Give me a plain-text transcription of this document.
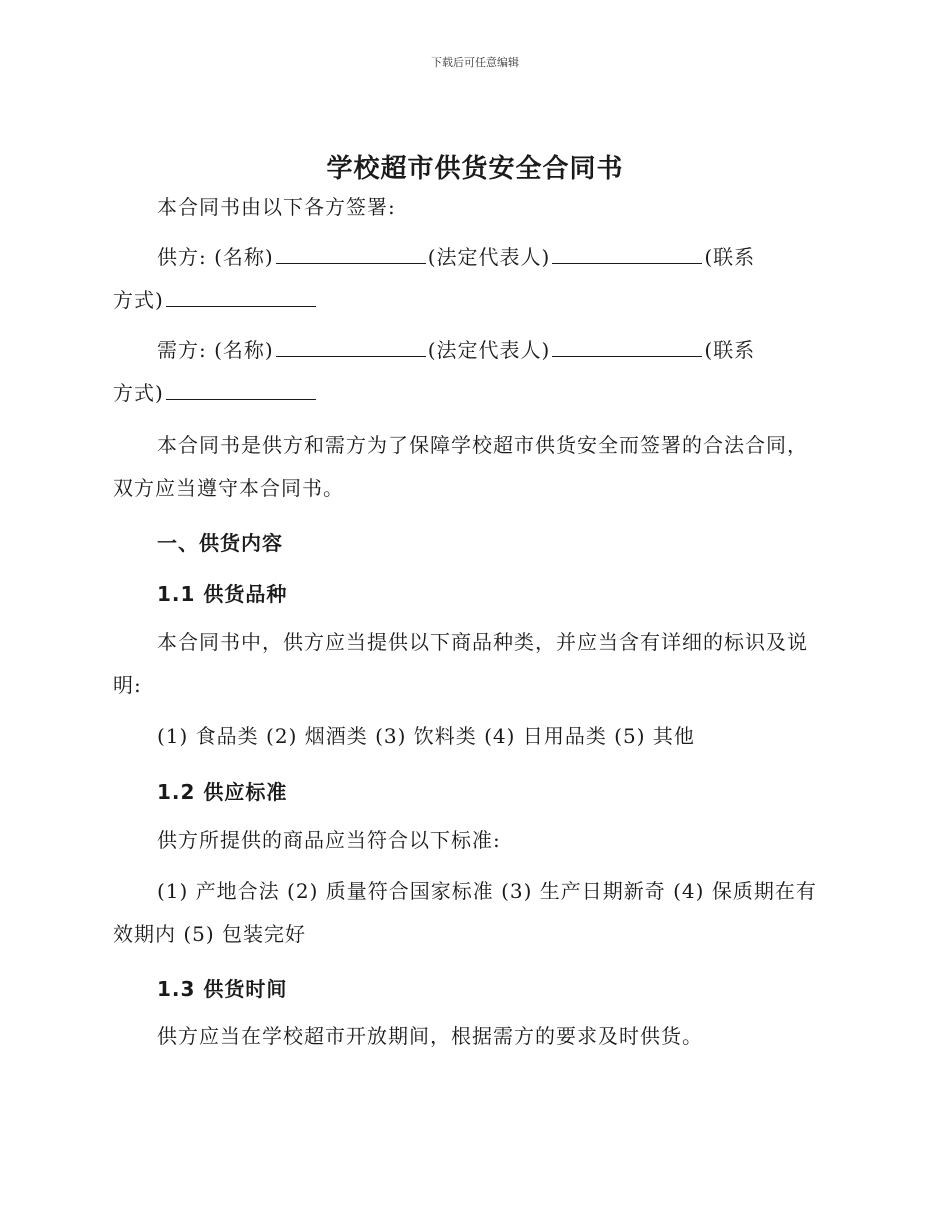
下载后可任意编辑
学校超市供货安全合同书
本合同书由以下各方签署:
供方: (名称)	(法定代表人)	(联系
方式)
需方: (名称)	(法定代表人)	(联系
方式)
本合同书是供方和需方为了保障学校超市供货安全而签署的合法合同，双方应当遵守本合同书。
一、供货内容
1.1 供货品种
本合同书中，供方应当提供以下商品种类，并应当含有详细的标识及说明:
(1) 食品类 (2) 烟酒类 (3) 饮料类 (4) 日用品类 (5) 其他
1.2 供应标准
供方所提供的商品应当符合以下标准:
(1) 产地合法 (2) 质量符合国家标准 (3) 生产日期新奇 (4) 保质期在有效期内 (5) 包装完好
1.3 供货时间
供方应当在学校超市开放期间，根据需方的要求及时供货。
